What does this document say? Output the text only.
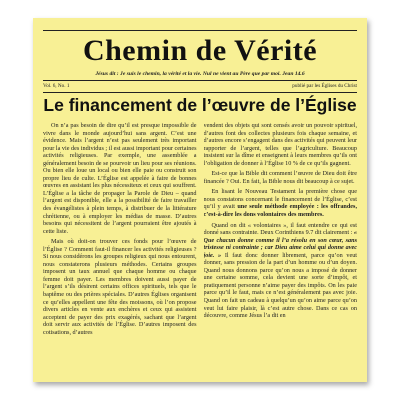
Chemin de Vérité
Jésus dit : Je suis le chemin, la vérité et la vie. Nul ne vient au Père que par moi. Jean 14.6
Vol. 6, No. 1	publié par les Églises du Christ
Le financement de l’œuvre de l’Église

On n’a pas besoin de dire qu’il est presque impossible de vivre dans le monde aujourd’hui sans argent. C’est une évidence. Mais l’argent n’est pas seulement très important pour la vie des individus ; il est aussi important pour certaines activités religieuses. Par exemple, une assemblée a généralement besoin de se pourvoir un lieu pour ses réunions. Ou bien elle loue un local ou bien elle paie ou construit son propre lieu de culte. L’Église est appelée à faire de bonnes œuvres en assistant les plus nécessiteux et ceux qui souffrent. L’Église a la tâche de propager la Parole de Dieu – quand l’argent est disponible, elle a la possibilité de faire travailler des évangélistes à plein temps, à distribuer de la littérature chrétienne, ou à employer les médias de masse. D’autres besoins qui nécessitent de l’argent pourraient être ajoutés à cette liste.

Mais où doit-on trouver ces fonds pour l’œuvre de l’Église ? Comment faut-il financer les activités religieuses ? Si nous considérons les groupes religieux qui nous entourent, nous constaterons plusieurs méthodes. Certains groupes imposent un taux annuel que chaque homme ou chaque femme doit payer. Les membres doivent aussi payer de l’argent s’ils désirent certains offices spirituels, tels que le baptême ou des prières spéciales. D’autres Églises organisent ce qu’elles appellent une fête des moissons, où l’on propose divers articles en vente aux enchères et ceux qui assistent acceptent de payer des prix exagérés, sachant que l’argent doit servir aux activités de l’Église. D’autres imposent des cotisations, d’autres

vendent des objets qui sont censés avoir un pouvoir spirituel, d’autres font des collectes plusieurs fois chaque semaine, et d’autres encore s’engagent dans des activités qui peuvent leur rapporter de l’argent, telles que l’agriculture. Beaucoup insistent sur la dîme et enseignent à leurs membres qu’ils ont l’obligation de donner à l’Église 10 % de ce qu’ils gagnent.

Est-ce que la Bible dit comment l’œuvre de Dieu doit être financée ? Oui. En fait, la Bible nous dit beaucoup à ce sujet.

En lisant le Nouveau Testament la première chose que nous constatons concernant le financement de l’Église, c’est qu’il y avait une seule méthode employée : les offrandes, c’est-à-dire les dons volontaires des membres.

Quand on dit « volontaires », il faut entendre ce qui est donné sans contrainte. Deux Corinthiens 9.7 dit clairement : « Que chacun donne comme il l’a résolu en son cœur, sans tristesse ni contrainte ; car Dieu aime celui qui donne avec joie. » Il faut donc donner librement, parce qu’on veut donner, sans pression de la part d’un homme ou d’un doyen. Quand nous donnons parce qu’on nous a imposé de donner une certaine somme, cela devient une sorte d’impôt, et pratiquement personne n’aime payer des impôts. On les paie parce qu’il le faut, mais ce n’est généralement pas avec joie. Quand on fait un cadeau à quelqu’un qu’on aime parce qu’on veut lui faire plaisir, là c’est autre chose. Dans ce cas on découvre, comme Jésus l’a dit en
